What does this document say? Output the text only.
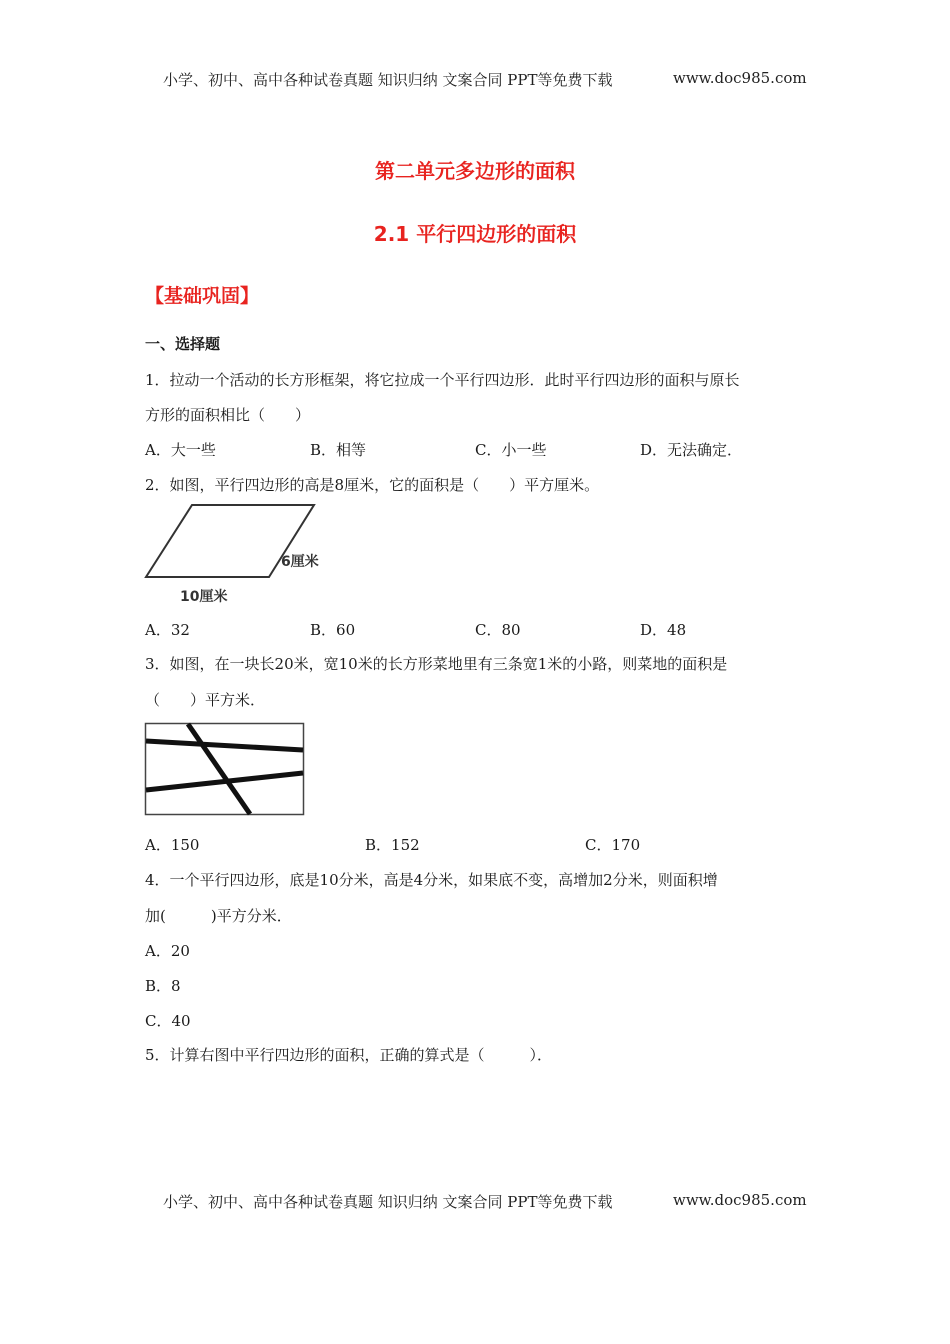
小学、初中、高中各种试卷真题 知识归纳 文案合同 PPT等免费下载	www.doc985.com
第二单元多边形的面积
2.1 平行四边形的面积
【基础巩固】
一、选择题
1．拉动一个活动的长方形框架，将它拉成一个平行四边形．此时平行四边形的面积与原长
方形的面积相比（　　）
A．大一些	B．相等	C．小一些	D．无法确定．
2．如图，平行四边形的高是8厘米，它的面积是（　　）平方厘米。
6厘米
10厘米
A．32	B．60	C．80	D．48
3．如图，在一块长20米，宽10米的长方形菜地里有三条宽1米的小路，则菜地的面积是
（　　）平方米．
A．150	B．152	C．170
4．一个平行四边形，底是10分米，高是4分米，如果底不变，高增加2分米，则面积增
加(　　　)平方分米．
A．20
B．8
C．40
5．计算右图中平行四边形的面积，正确的算式是（　　　）．
小学、初中、高中各种试卷真题 知识归纳 文案合同 PPT等免费下载	www.doc985.com
